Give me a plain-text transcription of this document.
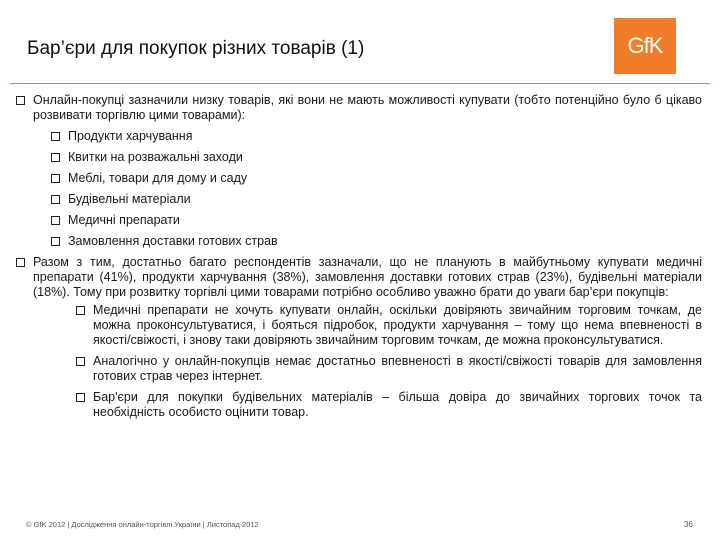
Бар’єри для покупок різних товарів (1)	GfK
Онлайн-покупці зазначили низку товарів, які вони не мають можливості купувати (тобто потенційно було б цікаво розвивати торгівлю цими товарами):
Продукти харчування
Квитки на розважальні заходи
Меблі, товари для дому и саду
Будівельні матеріали
Медичні препарати
Замовлення доставки готових страв
Разом з тим, достатньо багато респондентів зазначали, що не планують в майбутньому купувати медичні препарати (41%), продукти харчування (38%), замовлення доставки готових страв (23%), будівельні матеріали (18%). Тому при розвитку торгівлі цими товарами потрібно особливо уважно брати до уваги бар’єри покупців:
Медичні препарати не хочуть купувати онлайн, оскільки довіряють звичайним торговим точкам, де можна проконсультуватися, і бояться підробок, продукти харчування – тому що нема впевненості в якості/свіжості, і знову таки довіряють звичайним торговим точкам, де можна проконсультуватися.
Аналогічно у онлайн-покупців немає достатньо впевненості в якості/свіжості товарів для замовлення готових страв через інтернет.
Бар'єри для покупки будівельних матеріалів – більша довіра до звичайних торгових точок та необхідність особисто оцінити товар.
© GfK 2012 | Дослідження онлайн-торгівлі України | Листопад 2012	36
